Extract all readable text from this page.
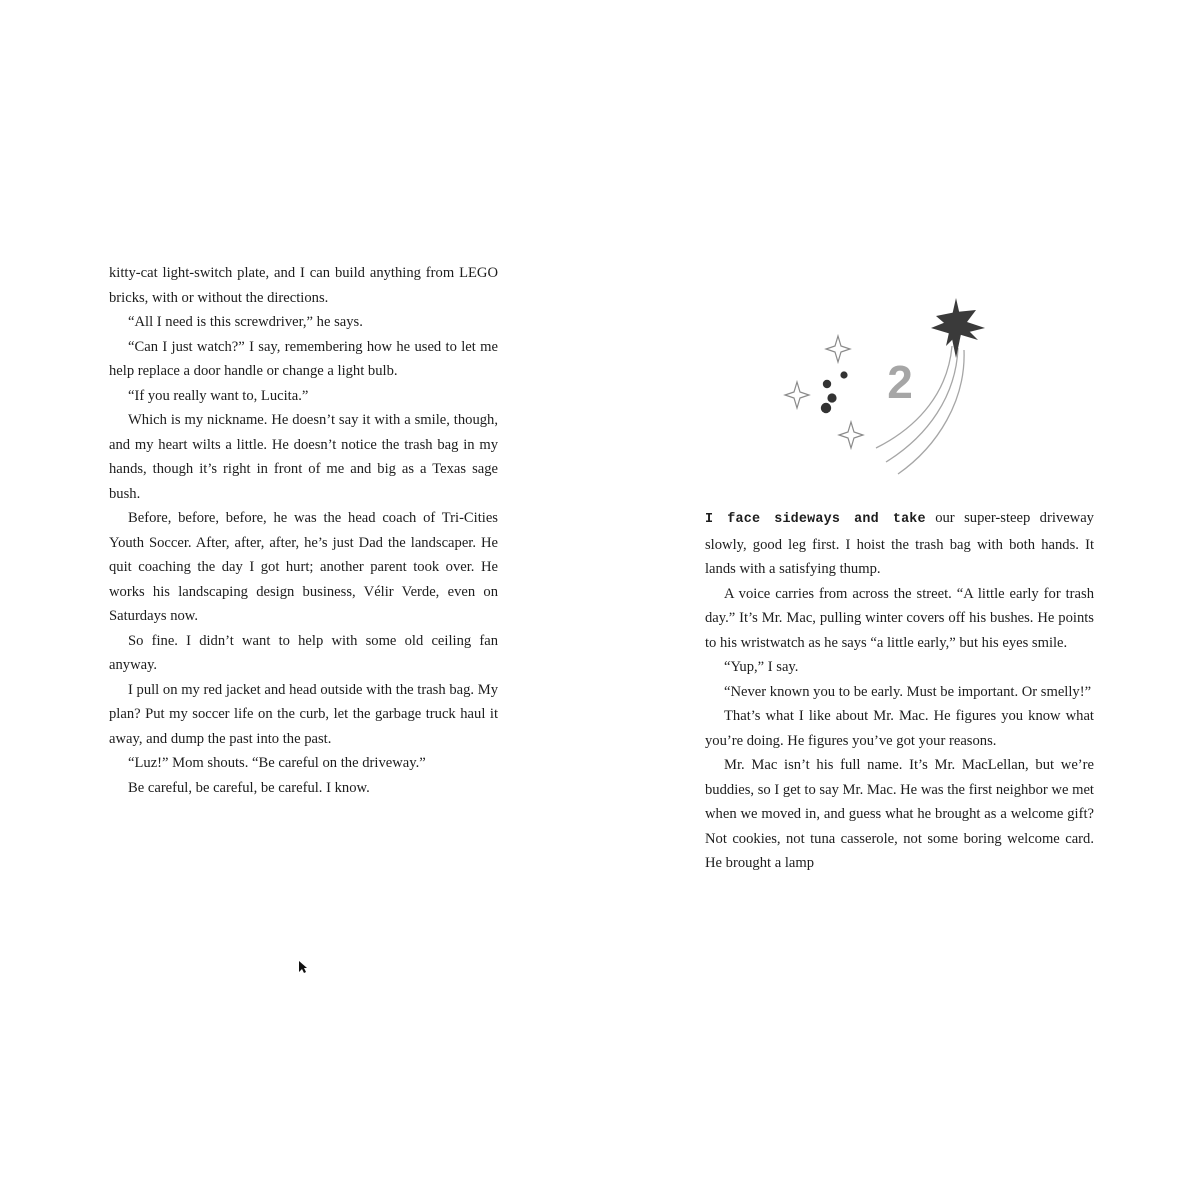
kitty-cat light-switch plate, and I can build anything from LEGO bricks, with or without the directions.

“All I need is this screwdriver,” he says.

“Can I just watch?” I say, remembering how he used to let me help replace a door handle or change a light bulb.

“If you really want to, Lucita.”

Which is my nickname. He doesn’t say it with a smile, though, and my heart wilts a little. He doesn’t notice the trash bag in my hands, though it’s right in front of me and big as a Texas sage bush.

Before, before, before, he was the head coach of Tri-Cities Youth Soccer. After, after, after, he’s just Dad the landscaper. He quit coaching the day I got hurt; another parent took over. He works his landscaping design business, Vélir Verde, even on Saturdays now.

So fine. I didn’t want to help with some old ceiling fan anyway.

I pull on my red jacket and head outside with the trash bag. My plan? Put my soccer life on the curb, let the garbage truck haul it away, and dump the past into the past.

“Luz!” Mom shouts. “Be careful on the driveway.”

Be careful, be careful, be careful. I know.

2

I face sideways and take our super-steep driveway slowly, good leg first. I hoist the trash bag with both hands. It lands with a satisfying thump.

A voice carries from across the street. “A little early for trash day.” It’s Mr. Mac, pulling winter covers off his bushes. He points to his wristwatch as he says “a little early,” but his eyes smile.

“Yup,” I say.

“Never known you to be early. Must be important. Or smelly!”

That’s what I like about Mr. Mac. He figures you know what you’re doing. He figures you’ve got your reasons.

Mr. Mac isn’t his full name. It’s Mr. MacLellan, but we’re buddies, so I get to say Mr. Mac. He was the first neighbor we met when we moved in, and guess what he brought as a welcome gift? Not cookies, not tuna casserole, not some boring welcome card. He brought a lamp
